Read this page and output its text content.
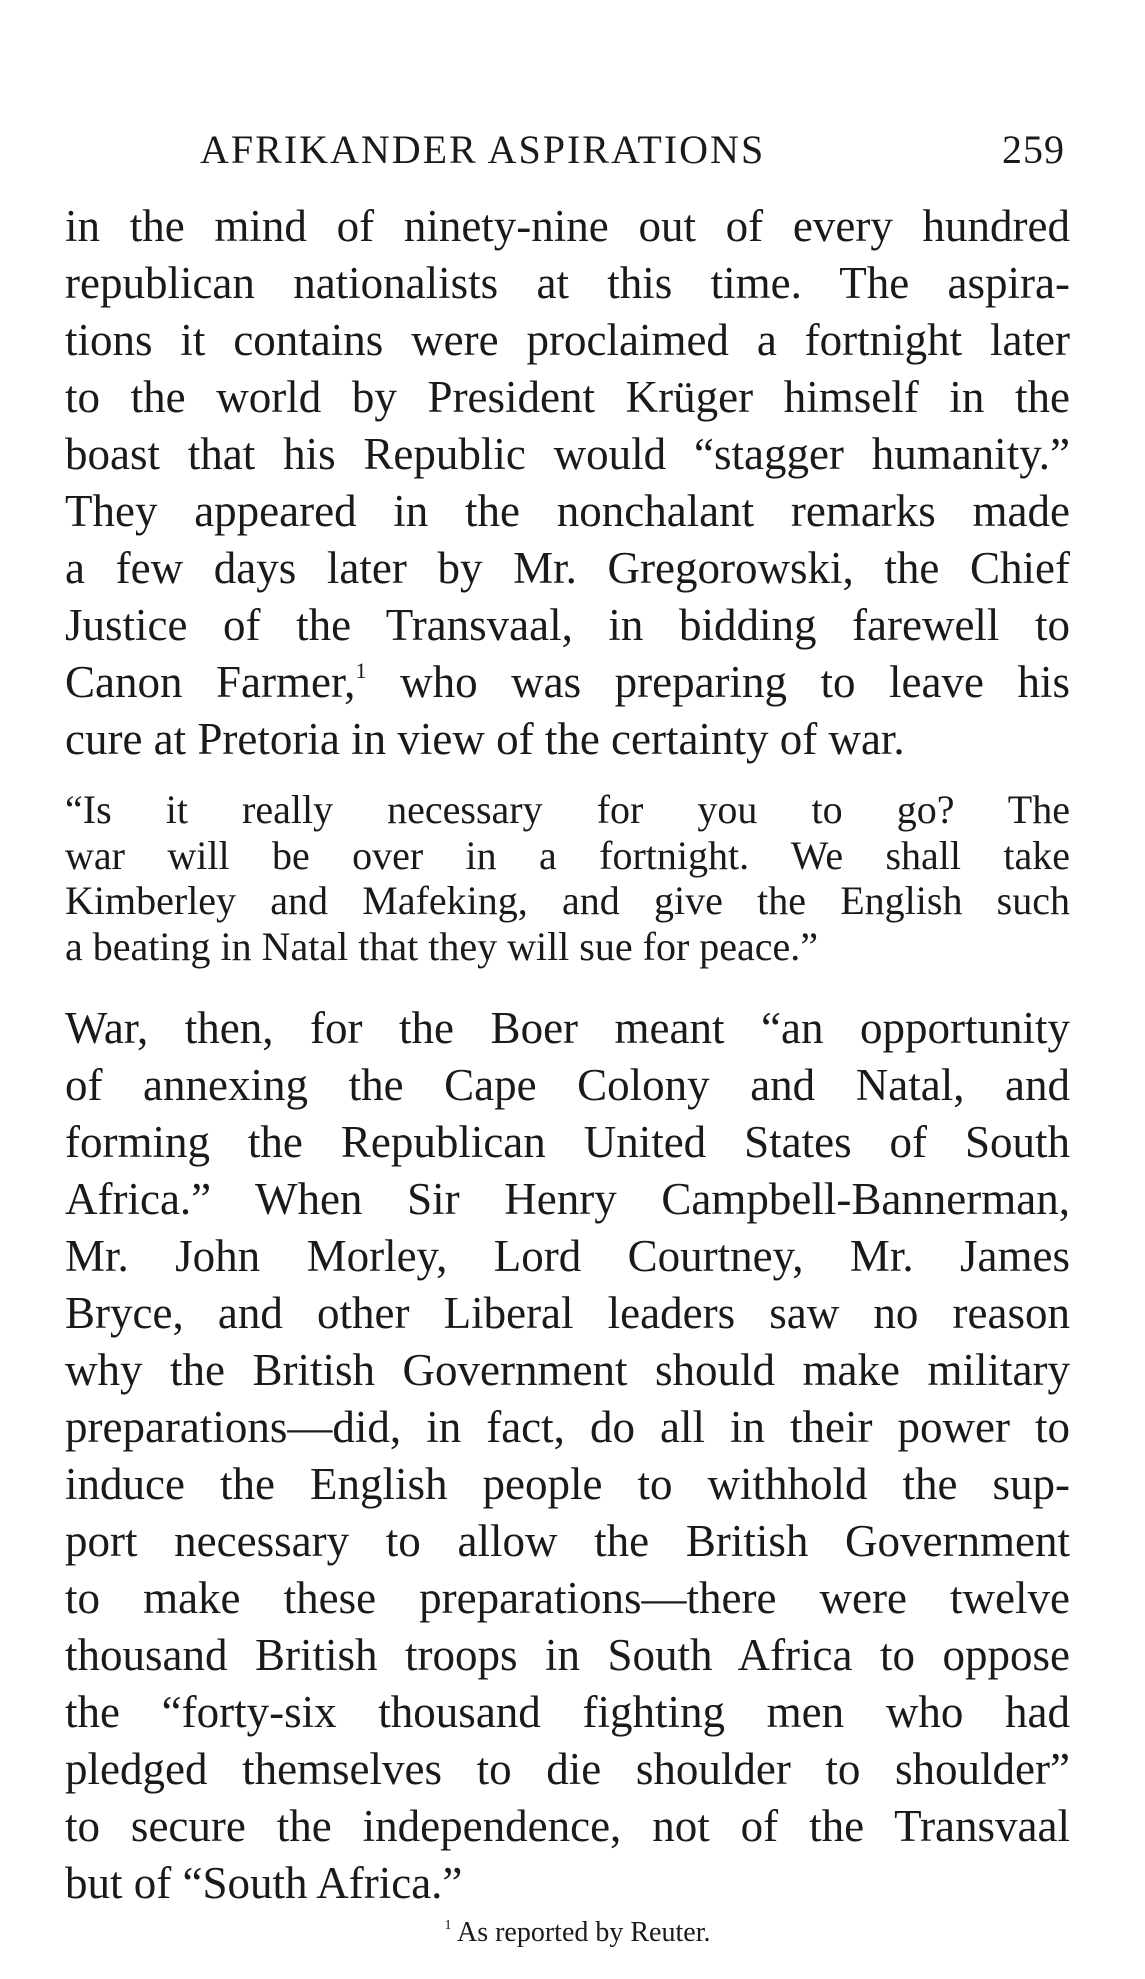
AFRIKANDER ASPIRATIONS	259
in the mind of ninety-nine out of every hundred
republican nationalists at this time. The aspira-
tions it contains were proclaimed a fortnight later
to the world by President Krüger himself in the
boast that his Republic would “stagger humanity.”
They appeared in the nonchalant remarks made
a few days later by Mr. Gregorowski, the Chief
Justice of the Transvaal, in bidding farewell to
Canon Farmer,$^1$ who was preparing to leave his
cure at Pretoria in view of the certainty of war.
“Is it really necessary for you to go? The
war will be over in a fortnight. We shall take
Kimberley and Mafeking, and give the English such
a beating in Natal that they will sue for peace.”
War, then, for the Boer meant “an opportunity
of annexing the Cape Colony and Natal, and
forming the Republican United States of South
Africa.” When Sir Henry Campbell-Bannerman,
Mr. John Morley, Lord Courtney, Mr. James
Bryce, and other Liberal leaders saw no reason
why the British Government should make military
preparations—did, in fact, do all in their power to
induce the English people to withhold the sup-
port necessary to allow the British Government
to make these preparations—there were twelve
thousand British troops in South Africa to oppose
the “forty-six thousand fighting men who had
pledged themselves to die shoulder to shoulder”
to secure the independence, not of the Transvaal
but of “South Africa.”
$^1$ As reported by Reuter.
